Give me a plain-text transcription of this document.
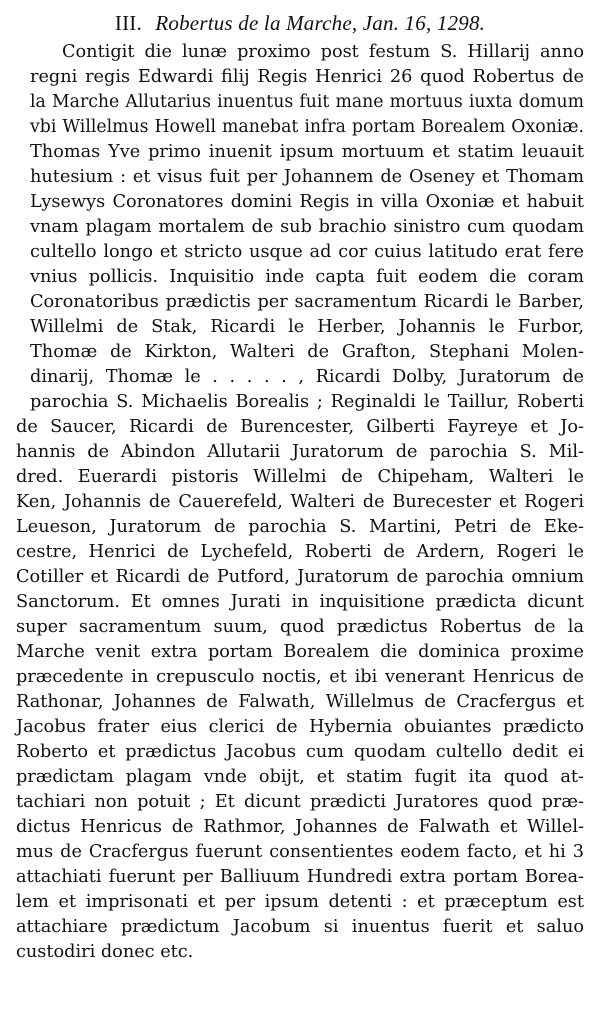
III. Robertus de la Marche, Jan. 16, 1298.
Contigit die lunæ proximo post festum S. Hillarij anno
regni regis Edwardi filij Regis Henrici 26 quod Robertus de
la Marche Allutarius inuentus fuit mane mortuus iuxta domum
vbi Willelmus Howell manebat infra portam Borealem Oxoniæ.
Thomas Yve primo inuenit ipsum mortuum et statim leuauit
hutesium : et visus fuit per Johannem de Oseney et Thomam
Lysewys Coronatores domini Regis in villa Oxoniæ et habuit
vnam plagam mortalem de sub brachio sinistro cum quodam
cultello longo et stricto usque ad cor cuius latitudo erat fere
vnius pollicis. Inquisitio inde capta fuit eodem die coram
Coronatoribus prædictis per sacramentum Ricardi le Barber,
Willelmi de Stak, Ricardi le Herber, Johannis le Furbor,
Thomæ de Kirkton, Walteri de Grafton, Stephani Molen-
dinarij, Thomæ le . . . . . , Ricardi Dolby, Juratorum de
parochia S. Michaelis Borealis ; Reginaldi le Taillur, Roberti
de Saucer, Ricardi de Burencester, Gilberti Fayreye et Jo-
hannis de Abindon Allutarii Juratorum de parochia S. Mil-
dred. Euerardi pistoris Willelmi de Chipeham, Walteri le
Ken, Johannis de Cauerefeld, Walteri de Burecester et Rogeri
Leueson, Juratorum de parochia S. Martini, Petri de Eke-
cestre, Henrici de Lychefeld, Roberti de Ardern, Rogeri le
Cotiller et Ricardi de Putford, Juratorum de parochia omnium
Sanctorum. Et omnes Jurati in inquisitione prædicta dicunt
super sacramentum suum, quod prædictus Robertus de la
Marche venit extra portam Borealem die dominica proxime
præcedente in crepusculo noctis, et ibi venerant Henricus de
Rathonar, Johannes de Falwath, Willelmus de Cracfergus et
Jacobus frater eius clerici de Hybernia obuiantes prædicto
Roberto et prædictus Jacobus cum quodam cultello dedit ei
prædictam plagam vnde obijt, et statim fugit ita quod at-
tachiari non potuit ; Et dicunt prædicti Juratores quod præ-
dictus Henricus de Rathmor, Johannes de Falwath et Willel-
mus de Cracfergus fuerunt consentientes eodem facto, et hi 3
attachiati fuerunt per Balliuum Hundredi extra portam Borea-
lem et imprisonati et per ipsum detenti : et præceptum est
attachiare prædictum Jacobum si inuentus fuerit et saluo
custodiri donec etc.
